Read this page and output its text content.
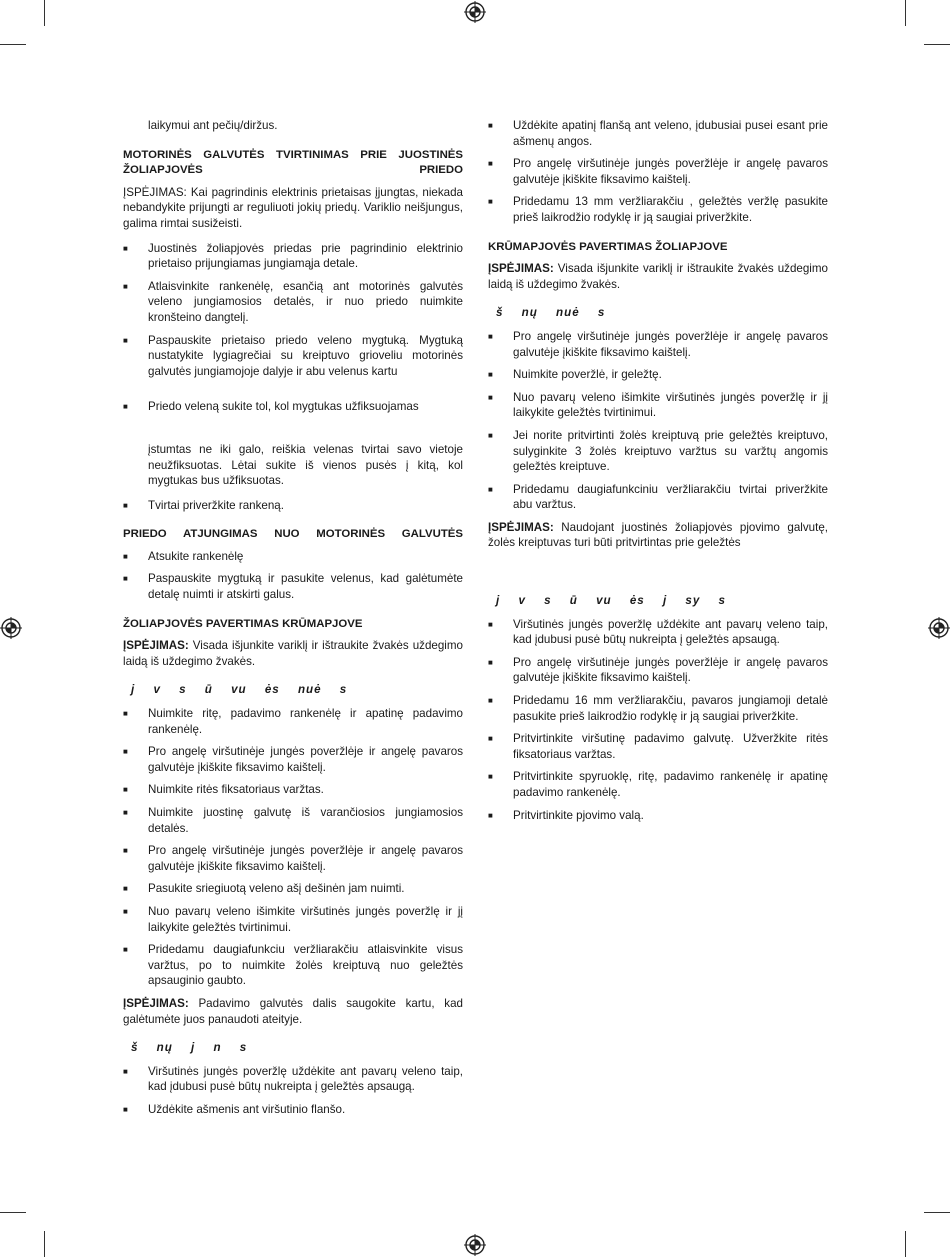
laikymui ant pečių/diržus.

MOTORINĖS GALVUTĖS TVIRTINIMAS PRIE JUOSTINĖS ŽOLIAPJOVĖS PRIEDO

ĮSPĖJIMAS: Kai pagrindinis elektrinis prietaisas įjungtas, niekada nebandykite prijungti ar reguliuoti jokių priedų. Variklio neišjungus, galima rimtai susižeisti.

■ Juostinės žoliapjovės priedas prie pagrindinio elektrinio prietaiso prijungiamas jungiamąja detale.
■ Atlaisvinkite rankenėlę, esančią ant motorinės galvutės veleno jungiamosios detalės, ir nuo priedo nuimkite kronšteino dangtelį.
■ Paspauskite prietaiso priedo veleno mygtuką. Mygtuką nustatykite lygiagrečiai su kreiptuvo grioveliu motorinės galvutės jungiamojoje dalyje ir abu velenus kartu
■ Priedo veleną sukite tol, kol mygtukas užfiksuojamas

įstumtas ne iki galo, reiškia velenas tvirtai savo vietoje neužfiksuotas. Lėtai sukite iš vienos pusės į kitą, kol mygtukas bus užfiksuotas.

■ Tvirtai priveržkite rankeną.
PRIEDO ATJUNGIMAS NUO MOTORINĖS GALVUTĖS
■ Atsukite rankenėlę
■ Paspauskite mygtuką ir pasukite velenus, kad galėtumėte detalę nuimti ir atskirti galus.
ŽOLIAPJOVĖS PAVERTIMAS KRŪMAPJOVE

ĮSPĖJIMAS: Visada išjunkite variklį ir ištraukite žvakės uždegimo laidą iš uždegimo žvakės.

j v s ū vu ės nuė s
■ Nuimkite ritę, padavimo rankenėlę ir apatinę padavimo rankenėlę.
■ Pro angelę viršutinėje jungės poveržlėje ir angelę pavaros galvutėje įkiškite fiksavimo kaištelį.
■ Nuimkite ritės fiksatoriaus varžtas.
■ Nuimkite juostinę galvutę iš varančiosios jungiamosios detalės.
■ Pro angelę viršutinėje jungės poveržlėje ir angelę pavaros galvutėje įkiškite fiksavimo kaištelį.
■ Pasukite sriegiuotą veleno ašį dešinėn jam nuimti.
■ Nuo pavarų veleno išimkite viršutinės jungės poveržlę ir jį laikykite geležtės tvirtinimui.
■ Pridedamu daugiafunkciu veržliarakčiu atlaisvinkite visus varžtus, po to nuimkite žolės kreiptuvą nuo geležtės apsauginio gaubto.

ĮSPĖJIMAS: Padavimo galvutės dalis saugokite kartu, kad galėtumėte juos panaudoti ateityje.

š nų j n s
■ Viršutinės jungės poveržlę uždėkite ant pavarų veleno taip, kad įdubusi pusė būtų nukreipta į geležtės apsaugą.
■ Uždėkite ašmenis ant viršutinio flanšo.
■ Uždėkite apatinį flanšą ant veleno, įdubusiai pusei esant prie ašmenų angos.
■ Pro angelę viršutinėje jungės poveržlėje ir angelę pavaros galvutėje įkiškite fiksavimo kaištelį.
■ Pridedamu 13 mm veržliarakčiu , geležtės veržlę pasukite prieš laikrodžio rodyklę ir ją saugiai priveržkite.
KRŪMAPJOVĖS PAVERTIMAS ŽOLIAPJOVE

ĮSPĖJIMAS: Visada išjunkite variklį ir ištraukite žvakės uždegimo laidą iš uždegimo žvakės.

š nų nuė s
■ Pro angelę viršutinėje jungės poveržlėje ir angelę pavaros galvutėje įkiškite fiksavimo kaištelį.
■ Nuimkite poveržlė, ir geležtę.
■ Nuo pavarų veleno išimkite viršutinės jungės poveržlę ir jį laikykite geležtės tvirtinimui.
■ Jei norite pritvirtinti žolės kreiptuvą prie geležtės kreiptuvo, sulyginkite 3 žolės kreiptuvo varžtus su varžtų angomis geležtės kreiptuve.
■ Pridedamu daugiafunkciniu veržliarakčiu tvirtai priveržkite abu varžtus.

ĮSPĖJIMAS: Naudojant juostinės žoliapjovės pjovimo galvutę, žolės kreiptuvas turi būti pritvirtintas prie geležtės

j v s ū vu ės j sy s
■ Viršutinės jungės poveržlę uždėkite ant pavarų veleno taip, kad įdubusi pusė būtų nukreipta į geležtės apsaugą.
■ Pro angelę viršutinėje jungės poveržlėje ir angelę pavaros galvutėje įkiškite fiksavimo kaištelį.
■ Pridedamu 16 mm veržliarakčiu, pavaros jungiamoji detalė pasukite prieš laikrodžio rodyklę ir ją saugiai priveržkite.
■ Pritvirtinkite viršutinę padavimo galvutę. Užveržkite ritės fiksatoriaus varžtas.
■ Pritvirtinkite spyruoklę, ritę, padavimo rankenėlę ir apatinę padavimo rankenėlę.
■ Pritvirtinkite pjovimo valą.
